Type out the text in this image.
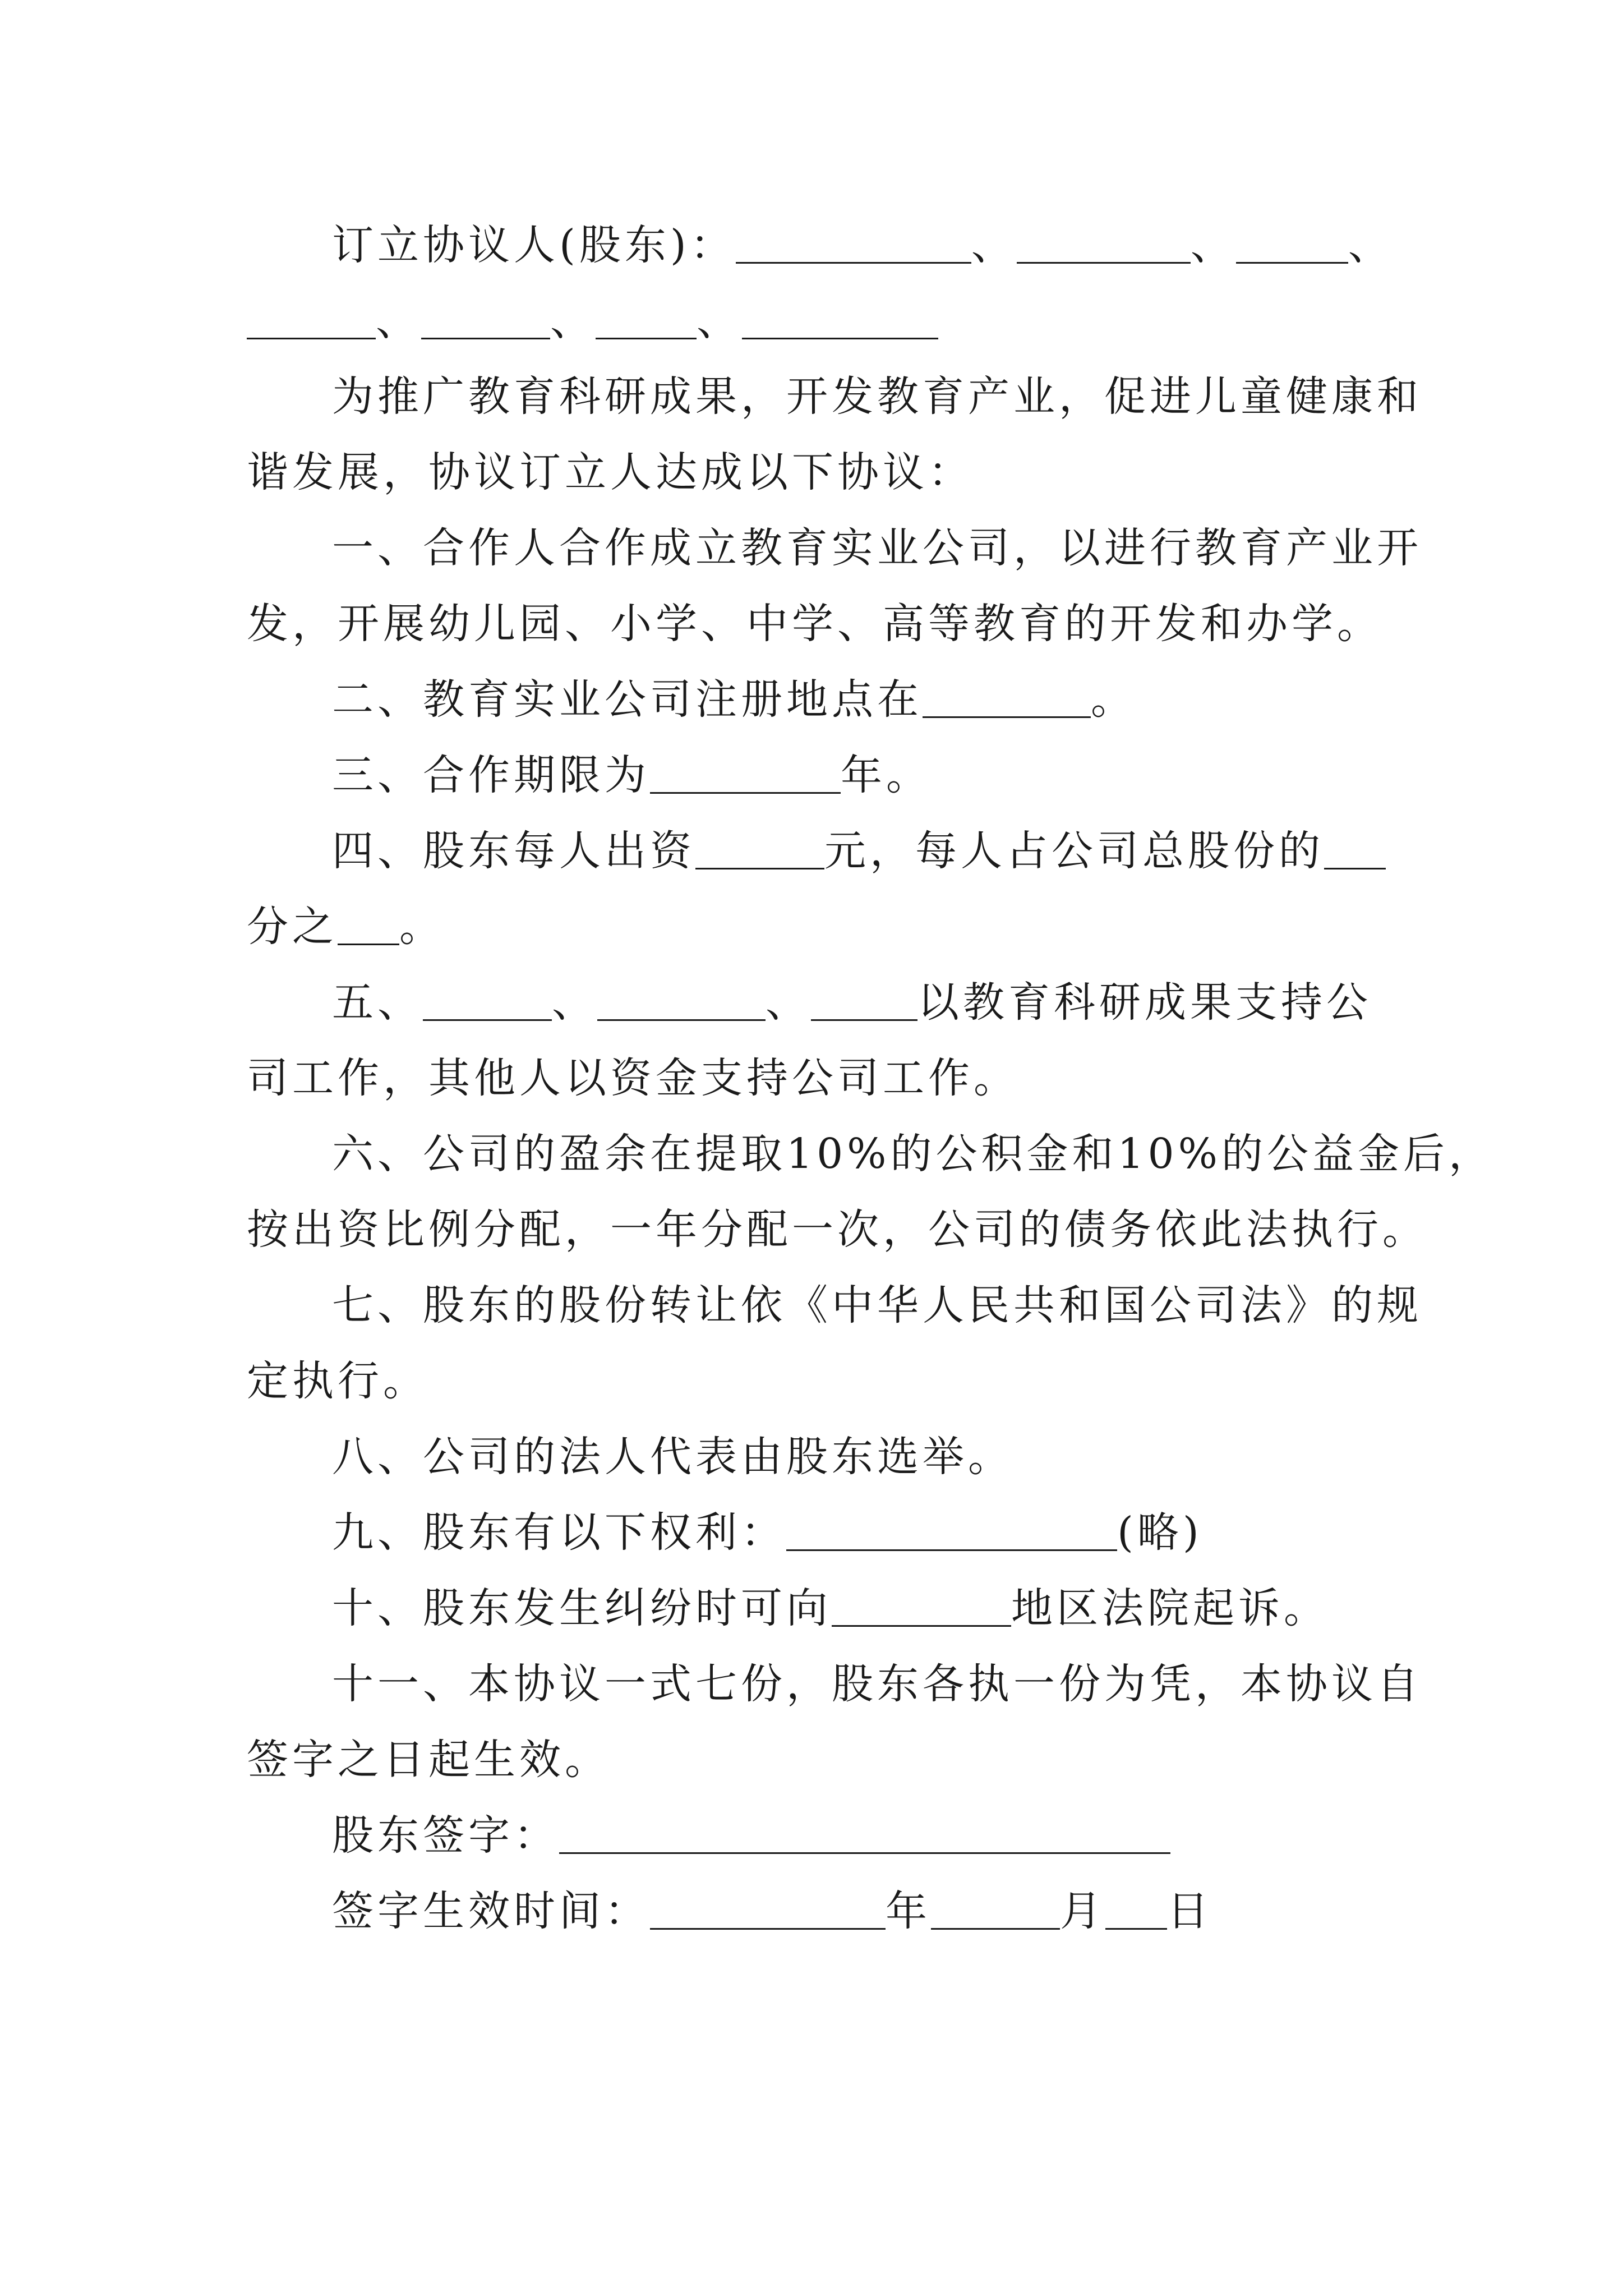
订立协议人(股东)：	、	、	、

、	、 、

为推广教育科研成果，开发教育产业，促进儿童健康和

谐发展，协议订立人达成以下协议：

一、合作人合作成立教育实业公司，以进行教育产业开

发，开展幼儿园、小学、中学、高等教育的开发和办学。

二、教育实业公司注册地点在	。

三、合作期限为	年。

四、股东每人出资	元，每人占公司总股份的

分之 。

五、	、	、	以教育科研成果支持公

司工作，其他人以资金支持公司工作。

六、公司的盈余在提取10%的公积金和10%的公益金后，

按出资比例分配，一年分配一次，公司的债务依此法执行。

七、股东的股份转让依《中华人民共和国公司法》的规

定执行。

八、公司的法人代表由股东选举。

九、股东有以下权利：	(略)

十、股东发生纠纷时可向	地区法院起诉。

十一、本协议一式七份，股东各执一份为凭，本协议自

签字之日起生效。

股东签字：

签字生效时间：	年	月 日
